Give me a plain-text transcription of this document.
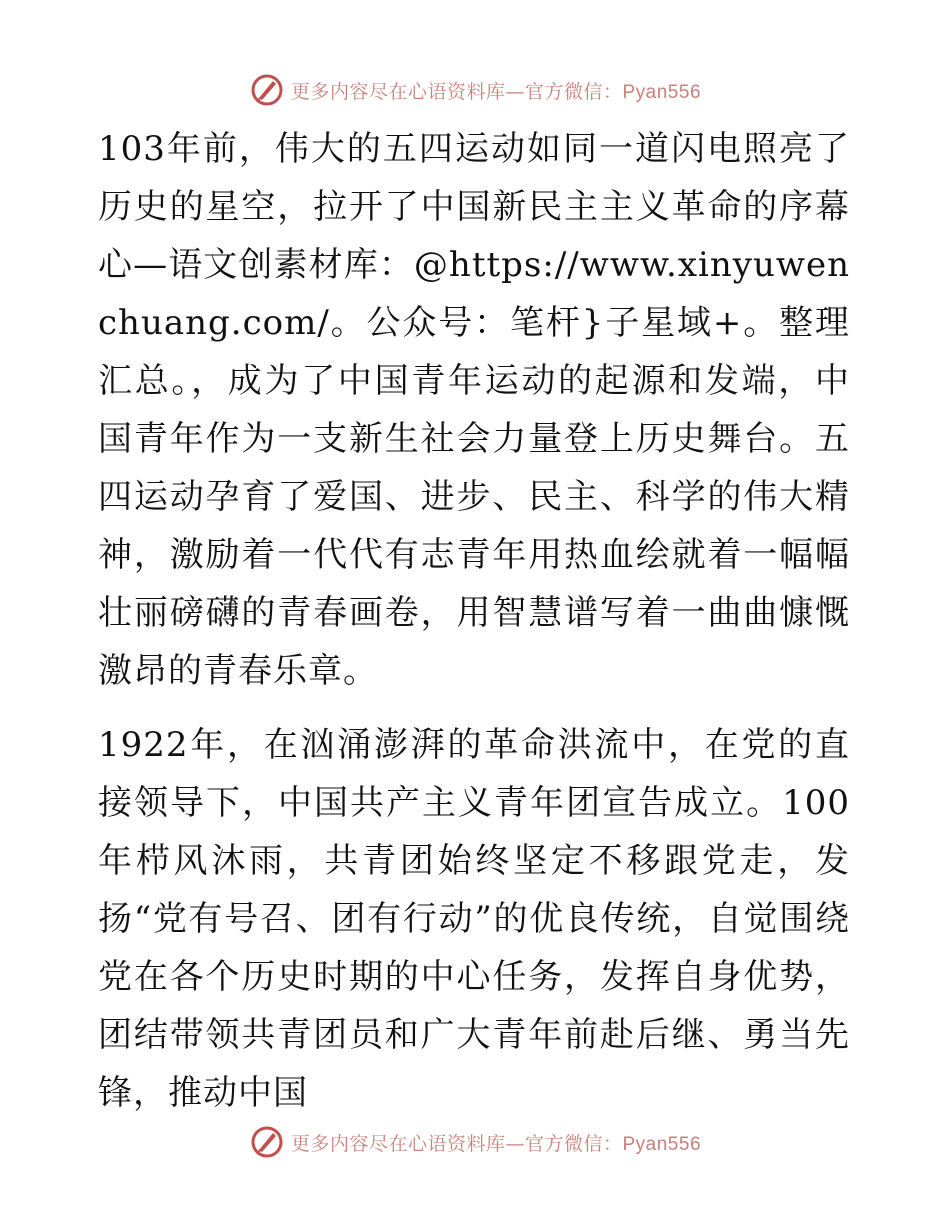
更多内容尽在心语资料库—官方微信：Pyan556

103年前，伟大的五四运动如同一道闪电照亮了历史的星空，拉开了中国新民主主义革命的序幕心—语文创素材库：@https://www.xinyuwenchuang.com/。公众号：笔杆}子星域+。整理汇总。，成为了中国青年运动的起源和发端，中国青年作为一支新生社会力量登上历史舞台。五四运动孕育了爱国、进步、民主、科学的伟大精神，激励着一代代有志青年用热血绘就着一幅幅壮丽磅礴的青春画卷，用智慧谱写着一曲曲慷慨激昂的青春乐章。

1922年，在汹涌澎湃的革命洪流中，在党的直接领导下，中国共产主义青年团宣告成立。100年栉风沐雨，共青团始终坚定不移跟党走，发扬“党有号召、团有行动”的优良传统，自觉围绕党在各个历史时期的中心任务，发挥自身优势，团结带领共青团员和广大青年前赴后继、勇当先锋，推动中国

更多内容尽在心语资料库—官方微信：Pyan556
